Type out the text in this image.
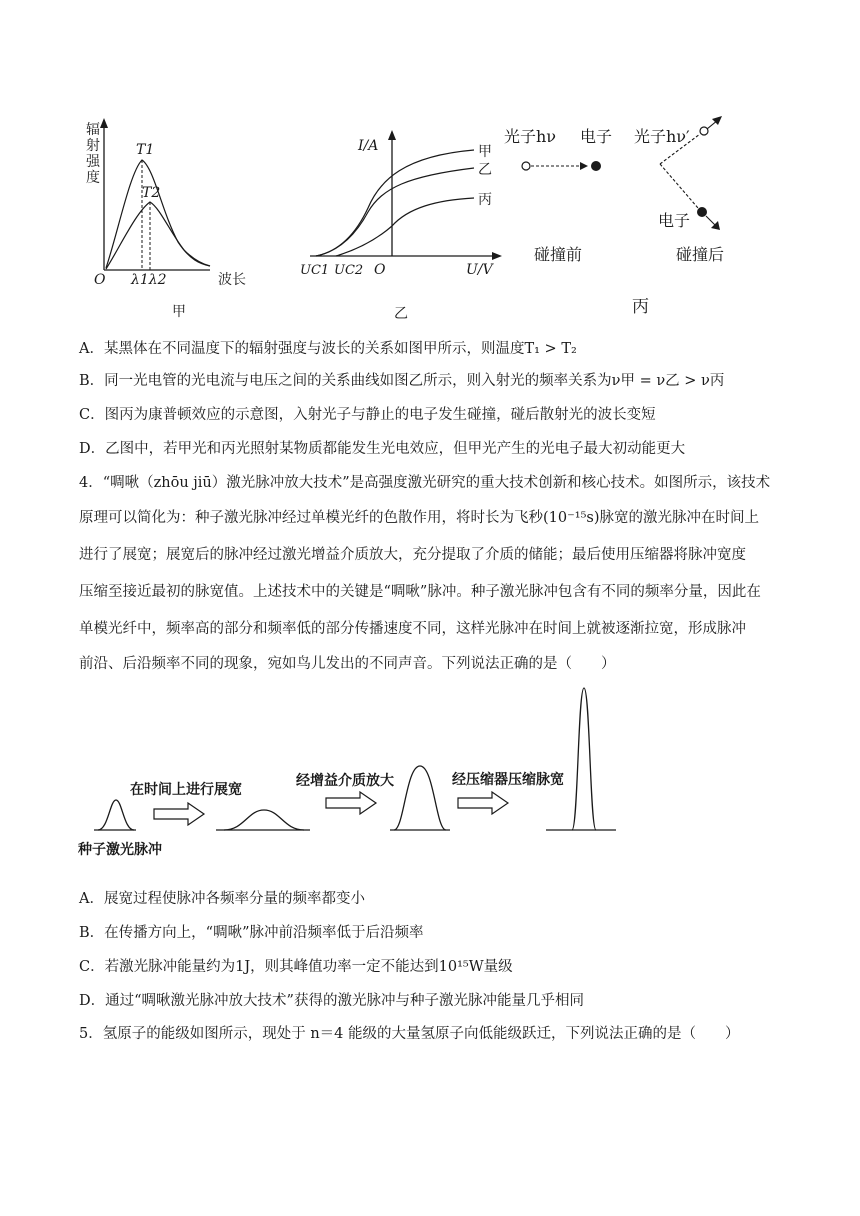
辐
射
强
度
T1
T2
O λ1λ2	波长
甲
I/A	甲
乙
丙
UC1 UC2 O	U/V
乙
光子hν 电子 光子hν′
电子
碰撞前	碰撞后
丙
A．某黑体在不同温度下的辐射强度与波长的关系如图甲所示，则温度T₁ > T₂
B．同一光电管的光电流与电压之间的关系曲线如图乙所示，则入射光的频率关系为ν甲 = ν乙 > ν丙
C．图丙为康普顿效应的示意图，入射光子与静止的电子发生碰撞，碰后散射光的波长变短
D．乙图中，若甲光和丙光照射某物质都能发生光电效应，但甲光产生的光电子最大初动能更大
4．“啁啾（zhōu jiū）激光脉冲放大技术”是高强度激光研究的重大技术创新和核心技术。如图所示，该技术
原理可以简化为：种子激光脉冲经过单模光纤的色散作用，将时长为飞秒(10⁻¹⁵s)脉宽的激光脉冲在时间上
进行了展宽；展宽后的脉冲经过激光增益介质放大，充分提取了介质的储能；最后使用压缩器将脉冲宽度
压缩至接近最初的脉宽值。上述技术中的关键是“啁啾”脉冲。种子激光脉冲包含有不同的频率分量，因此在
单模光纤中，频率高的部分和频率低的部分传播速度不同，这样光脉冲在时间上就被逐渐拉宽，形成脉冲
前沿、后沿频率不同的现象，宛如鸟儿发出的不同声音。下列说法正确的是（　　）
在时间上进行展宽
经增益介质放大	经压缩器压缩脉宽
种子激光脉冲
A．展宽过程使脉冲各频率分量的频率都变小
B．在传播方向上，“啁啾”脉冲前沿频率低于后沿频率
C．若激光脉冲能量约为1J，则其峰值功率一定不能达到10¹⁵W量级
D．通过“啁啾激光脉冲放大技术”获得的激光脉冲与种子激光脉冲能量几乎相同
5．氢原子的能级如图所示，现处于 n＝4 能级的大量氢原子向低能级跃迁，下列说法正确的是（　　）
